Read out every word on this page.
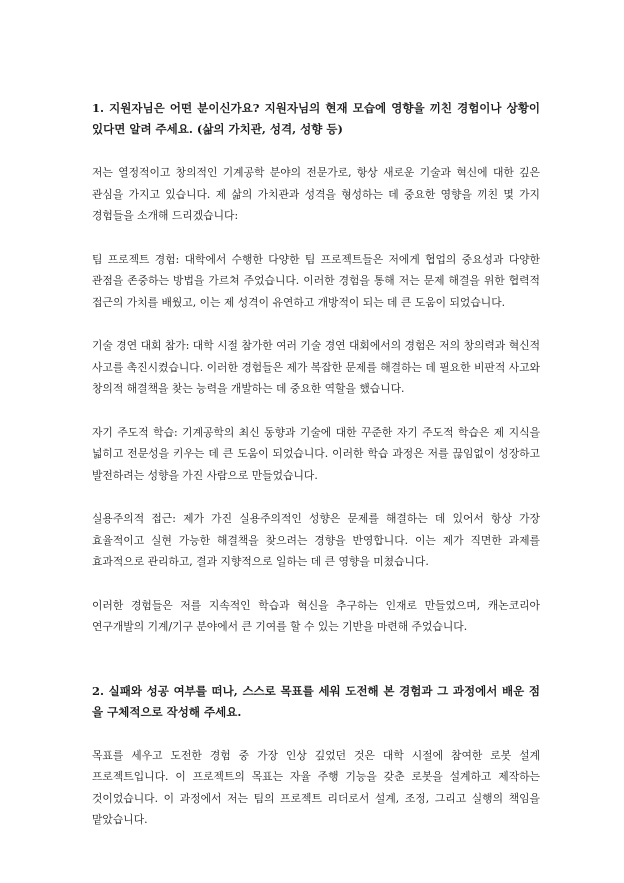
1. 지원자님은 어떤 분이신가요? 지원자님의 현재 모습에 영향을 끼친 경험이나 상황이 있다면 알려 주세요. (삶의 가치관, 성격, 성향 등)

저는 열정적이고 창의적인 기계공학 분야의 전문가로, 항상 새로운 기술과 혁신에 대한 깊은 관심을 가지고 있습니다. 제 삶의 가치관과 성격을 형성하는 데 중요한 영향을 끼친 몇 가지 경험들을 소개해 드리겠습니다:

팀 프로젝트 경험: 대학에서 수행한 다양한 팀 프로젝트들은 저에게 협업의 중요성과 다양한 관점을 존중하는 방법을 가르쳐 주었습니다. 이러한 경험을 통해 저는 문제 해결을 위한 협력적 접근의 가치를 배웠고, 이는 제 성격이 유연하고 개방적이 되는 데 큰 도움이 되었습니다.

기술 경연 대회 참가: 대학 시절 참가한 여러 기술 경연 대회에서의 경험은 저의 창의력과 혁신적 사고를 촉진시켰습니다. 이러한 경험들은 제가 복잡한 문제를 해결하는 데 필요한 비판적 사고와 창의적 해결책을 찾는 능력을 개발하는 데 중요한 역할을 했습니다.

자기 주도적 학습: 기계공학의 최신 동향과 기술에 대한 꾸준한 자기 주도적 학습은 제 지식을 넓히고 전문성을 키우는 데 큰 도움이 되었습니다. 이러한 학습 과정은 저를 끊임없이 성장하고 발전하려는 성향을 가진 사람으로 만들었습니다.

실용주의적 접근: 제가 가진 실용주의적인 성향은 문제를 해결하는 데 있어서 항상 가장 효율적이고 실현 가능한 해결책을 찾으려는 경향을 반영합니다. 이는 제가 직면한 과제를 효과적으로 관리하고, 결과 지향적으로 일하는 데 큰 영향을 미쳤습니다.

이러한 경험들은 저를 지속적인 학습과 혁신을 추구하는 인재로 만들었으며, 캐논코리아 연구개발의 기계/기구 분야에서 큰 기여를 할 수 있는 기반을 마련해 주었습니다.

2. 실패와 성공 여부를 떠나, 스스로 목표를 세워 도전해 본 경험과 그 과정에서 배운 점을 구체적으로 작성해 주세요.

목표를 세우고 도전한 경험 중 가장 인상 깊었던 것은 대학 시절에 참여한 로봇 설계 프로젝트입니다. 이 프로젝트의 목표는 자율 주행 기능을 갖춘 로봇을 설계하고 제작하는 것이었습니다. 이 과정에서 저는 팀의 프로젝트 리더로서 설계, 조정, 그리고 실행의 책임을 맡았습니다.
